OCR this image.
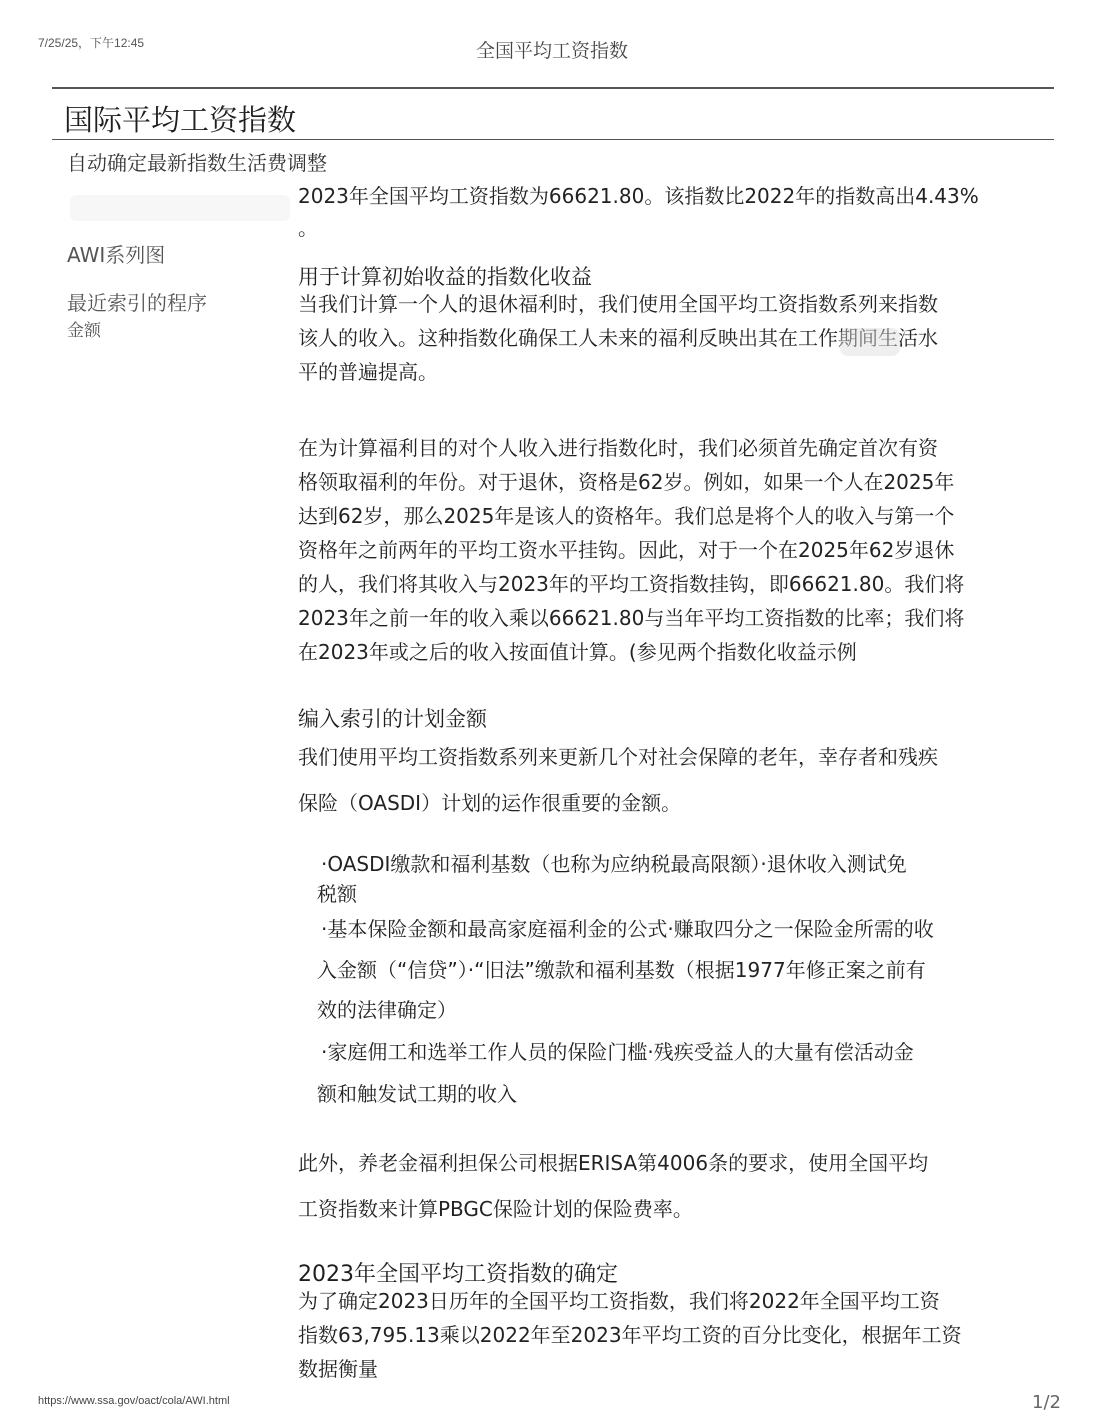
7/25/25，下午12:45	全国平均工资指数
国际平均工资指数
自动确定最新指数生活费调整
AWI系列图
最近索引的程序
金额
2023年全国平均工资指数为66621.80。该指数比2022年的指数高出4.43%
。
用于计算初始收益的指数化收益
当我们计算一个人的退休福利时，我们使用全国平均工资指数系列来指数
该人的收入。这种指数化确保工人未来的福利反映出其在工作期间生活水
平的普遍提高。
在为计算福利目的对个人收入进行指数化时，我们必须首先确定首次有资
格领取福利的年份。对于退休，资格是62岁。例如，如果一个人在2025年
达到62岁，那么2025年是该人的资格年。我们总是将个人的收入与第一个
资格年之前两年的平均工资水平挂钩。因此，对于一个在2025年62岁退休
的人，我们将其收入与2023年的平均工资指数挂钩，即66621.80。我们将
2023年之前一年的收入乘以66621.80与当年平均工资指数的比率；我们将
在2023年或之后的收入按面值计算。(参见两个指数化收益示例
编入索引的计划金额
我们使用平均工资指数系列来更新几个对社会保障的老年，幸存者和残疾
保险（OASDI）计划的运作很重要的金额。
·OASDI缴款和福利基数（也称为应纳税最高限额）·退休收入测试免
税额
·基本保险金额和最高家庭福利金的公式·赚取四分之一保险金所需的收
入金额（“信贷”）·“旧法”缴款和福利基数（根据1977年修正案之前有
效的法律确定）
·家庭佣工和选举工作人员的保险门槛·残疾受益人的大量有偿活动金
额和触发试工期的收入
此外，养老金福利担保公司根据ERISA第4006条的要求，使用全国平均
工资指数来计算PBGC保险计划的保险费率。
2023年全国平均工资指数的确定
为了确定2023日历年的全国平均工资指数，我们将2022年全国平均工资
指数63,795.13乘以2022年至2023年平均工资的百分比变化，根据年工资
数据衡量
https://www.ssa.gov/oact/cola/AWI.html	1/2
